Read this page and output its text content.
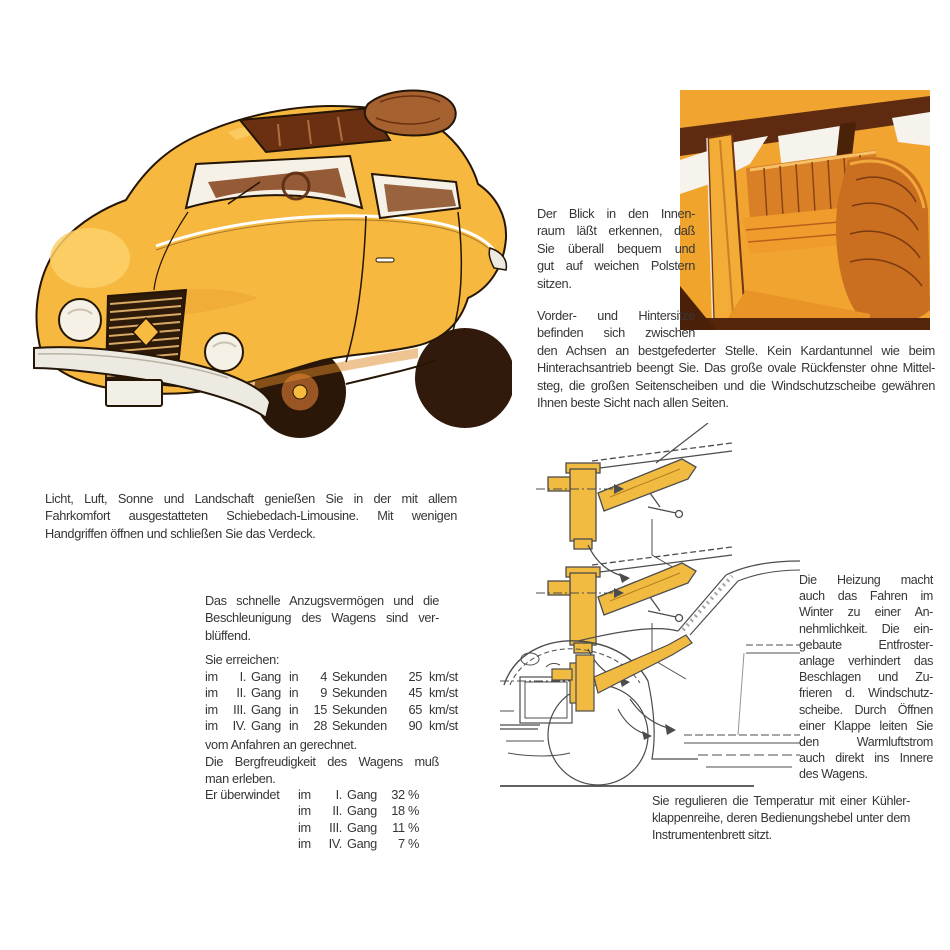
Der Blick in den Innen-
raum läßt erkennen, daß
Sie überall bequem und
gut auf weichen Polstern
sitzen.
Vorder- und Hintersitze
befinden sich zwischen
den Achsen an bestgefederter Stelle. Kein Kardantunnel wie beim
Hinterachsantrieb beengt Sie. Das große ovale Rückfenster ohne Mittel-
steg, die großen Seitenscheiben und die Windschutzscheibe gewähren
Ihnen beste Sicht nach allen Seiten.
Licht, Luft, Sonne und Landschaft genießen Sie in der mit allem
Fahrkomfort ausgestatteten Schiebedach-Limousine. Mit wenigen
Handgriffen öffnen und schließen Sie das Verdeck.
Das schnelle Anzugsvermögen und die
Beschleunigung des Wagens sind ver-
blüffend.
Sie erreichen:
im I. Gang in 4 Sekunden 25 km/st
im II. Gang in 9 Sekunden 45 km/st
im III. Gang in 15 Sekunden 65 km/st
im IV. Gang in 28 Sekunden 90 km/st
vom Anfahren an gerechnet.
Die Bergfreudigkeit des Wagens muß
man erleben.
Er überwindet im I. Gang 32 %
im II. Gang 18 %
im III. Gang 11 %
im IV. Gang 7 %
Die Heizung macht
auch das Fahren im
Winter zu einer An-
nehmlichkeit. Die ein-
gebaute Entfroster-
anlage verhindert das
Beschlagen und Zu-
frieren d. Windschutz-
scheibe. Durch Öffnen
einer Klappe leiten Sie
den Warmluftstrom
auch direkt ins Innere
des Wagens.
Sie regulieren die Temperatur mit einer Kühler-
klappenreihe, deren Bedienungshebel unter dem
Instrumentenbrett sitzt.
